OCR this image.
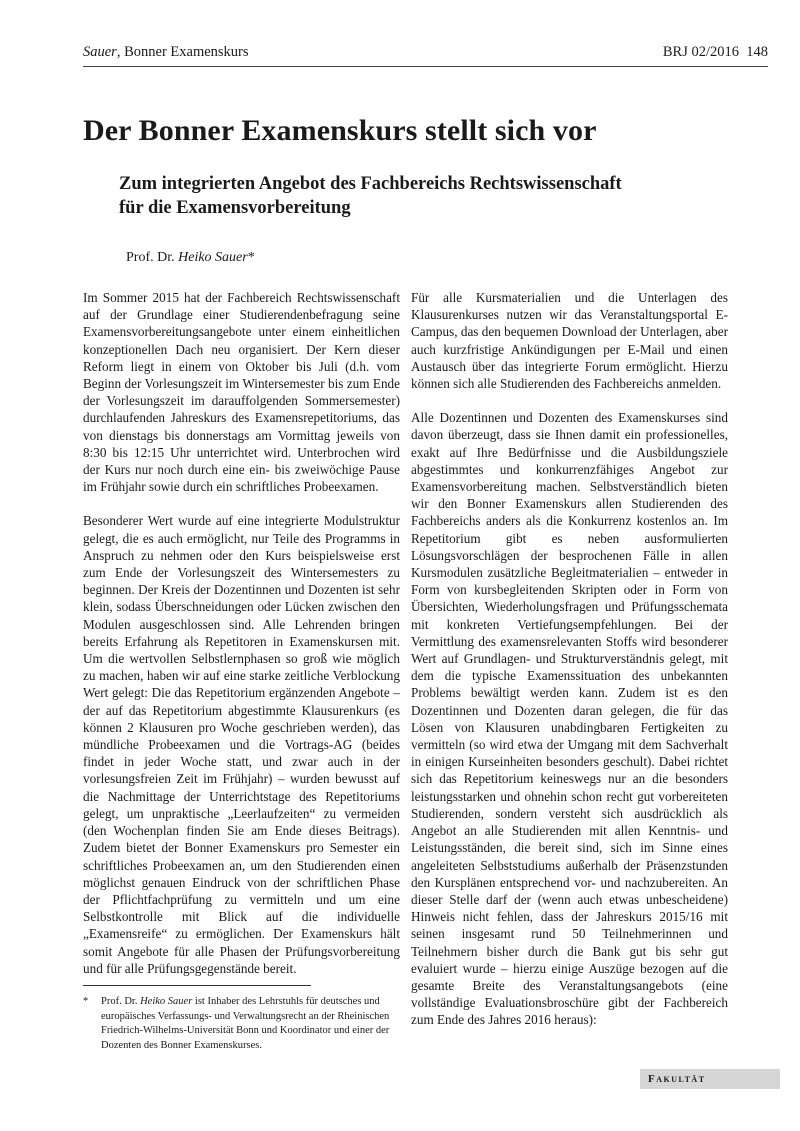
Sauer, Bonner Examenskurs	BRJ 02/2016 148
Der Bonner Examenskurs stellt sich vor
Zum integrierten Angebot des Fachbereichs Rechtswissenschaft
für die Examensvorbereitung
Prof. Dr. Heiko Sauer*

Im Sommer 2015 hat der Fachbereich Rechtswissenschaft auf der Grundlage einer Studierendenbefragung seine Examensvorbereitungsangebote unter einem einheitlichen konzeptionellen Dach neu organisiert. Der Kern dieser Reform liegt in einem von Oktober bis Juli (d.h. vom Beginn der Vorlesungszeit im Wintersemester bis zum Ende der Vorlesungszeit im darauffolgenden Sommersemester) durchlaufenden Jahreskurs des Examensrepetitoriums, das von dienstags bis donnerstags am Vormittag jeweils von 8:30 bis 12:15 Uhr unterrichtet wird. Unterbrochen wird der Kurs nur noch durch eine ein- bis zweiwöchige Pause im Frühjahr sowie durch ein schriftliches Probeexamen.

Besonderer Wert wurde auf eine integrierte Modulstruktur gelegt, die es auch ermöglicht, nur Teile des Programms in Anspruch zu nehmen oder den Kurs beispielsweise erst zum Ende der Vorlesungszeit des Wintersemesters zu beginnen. Der Kreis der Dozentinnen und Dozenten ist sehr klein, sodass Überschneidungen oder Lücken zwischen den Modulen ausgeschlossen sind. Alle Lehrenden bringen bereits Erfahrung als Repetitoren in Examenskursen mit. Um die wertvollen Selbstlernphasen so groß wie möglich zu machen, haben wir auf eine starke zeitliche Verblockung Wert gelegt: Die das Repetitorium ergänzenden Angebote – der auf das Repetitorium abgestimmte Klausurenkurs (es können 2 Klausuren pro Woche geschrieben werden), das mündliche Probeexamen und die Vortrags-AG (beides findet in jeder Woche statt, und zwar auch in der vorlesungsfreien Zeit im Frühjahr) – wurden bewusst auf die Nachmittage der Unterrichtstage des Repetitoriums gelegt, um unpraktische „Leerlaufzeiten“ zu vermeiden (den Wochenplan finden Sie am Ende dieses Beitrags). Zudem bietet der Bonner Examenskurs pro Semester ein schriftliches Probeexamen an, um den Studierenden einen möglichst genauen Eindruck von der schriftlichen Phase der Pflichtfachprüfung zu vermitteln und um eine Selbstkontrolle mit Blick auf die individuelle „Examensreife“ zu ermöglichen. Der Examenskurs hält somit Angebote für alle Phasen der Prüfungsvorbereitung und für alle Prüfungsgegenstände bereit.

Für alle Kursmaterialien und die Unterlagen des Klausurenkurses nutzen wir das Veranstaltungsportal E-Campus, das den bequemen Download der Unterlagen, aber auch kurzfristige Ankündigungen per E-Mail und einen Austausch über das integrierte Forum ermöglicht. Hierzu können sich alle Studierenden des Fachbereichs anmelden.

Alle Dozentinnen und Dozenten des Examenskurses sind davon überzeugt, dass sie Ihnen damit ein professionelles, exakt auf Ihre Bedürfnisse und die Ausbildungsziele abgestimmtes und konkurrenzfähiges Angebot zur Examensvorbereitung machen. Selbstverständlich bieten wir den Bonner Examenskurs allen Studierenden des Fachbereichs anders als die Konkurrenz kostenlos an. Im Repetitorium gibt es neben ausformulierten Lösungsvorschlägen der besprochenen Fälle in allen Kursmodulen zusätzliche Begleitmaterialien – entweder in Form von kursbegleitenden Skripten oder in Form von Übersichten, Wiederholungsfragen und Prüfungsschemata mit konkreten Vertiefungsempfehlungen. Bei der Vermittlung des examensrelevanten Stoffs wird besonderer Wert auf Grundlagen- und Strukturverständnis gelegt, mit dem die typische Examenssituation des unbekannten Problems bewältigt werden kann. Zudem ist es den Dozentinnen und Dozenten daran gelegen, die für das Lösen von Klausuren unabdingbaren Fertigkeiten zu vermitteln (so wird etwa der Umgang mit dem Sachverhalt in einigen Kurseinheiten besonders geschult). Dabei richtet sich das Repetitorium keineswegs nur an die besonders leistungsstarken und ohnehin schon recht gut vorbereiteten Studierenden, sondern versteht sich ausdrücklich als Angebot an alle Studierenden mit allen Kenntnis- und Leistungsständen, die bereit sind, sich im Sinne eines angeleiteten Selbststudiums außerhalb der Präsenzstunden den Kursplänen entsprechend vor- und nachzubereiten. An dieser Stelle darf der (wenn auch etwas unbescheidene) Hinweis nicht fehlen, dass der Jahreskurs 2015/16 mit seinen insgesamt rund 50 Teilnehmerinnen und Teilnehmern bisher durch die Bank gut bis sehr gut evaluiert wurde – hierzu einige Auszüge bezogen auf die gesamte Breite des Veranstaltungsangebots (eine vollständige Evaluationsbroschüre gibt der Fachbereich zum Ende des Jahres 2016 heraus):

* Prof. Dr. Heiko Sauer ist Inhaber des Lehrstuhls für deutsches und europäisches Verfassungs- und Verwaltungsrecht an der Rheinischen Friedrich-Wilhelms-Universität Bonn und Koordinator und einer der Dozenten des Bonner Examenskurses.
Fakultät
